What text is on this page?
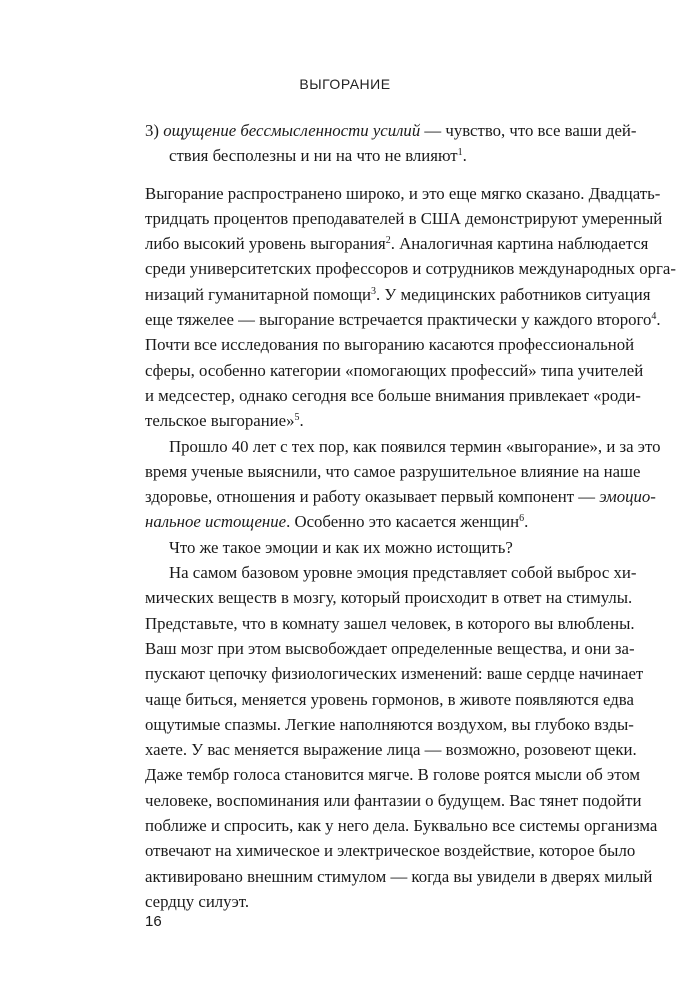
ВЫГОРАНИЕ
3) ощущение бессмысленности усилий — чувство, что все ваши дей-
ствия бесполезны и ни на что не влияют$^1$.
Выгорание распространено широко, и это еще мягко сказано. Двадцать-
тридцать процентов преподавателей в США демонстрируют умеренный
либо высокий уровень выгорания$^2$. Аналогичная картина наблюдается
среди университетских профессоров и сотрудников международных орга-
низаций гуманитарной помощи$^3$. У медицинских работников ситуация
еще тяжелее — выгорание встречается практически у каждого второго$^4$.
Почти все исследования по выгоранию касаются профессиональной
сферы, особенно категории «помогающих профессий» типа учителей
и медсестер, однако сегодня все больше внимания привлекает «роди-
тельское выгорание»$^5$.
Прошло 40 лет с тех пор, как появился термин «выгорание», и за это
время ученые выяснили, что самое разрушительное влияние на наше
здоровье, отношения и работу оказывает первый компонент — эмоцио-
нальное истощение. Особенно это касается женщин$^6$.
Что же такое эмоции и как их можно истощить?
На самом базовом уровне эмоция представляет собой выброс хи-
мических веществ в мозгу, который происходит в ответ на стимулы.
Представьте, что в комнату зашел человек, в которого вы влюблены.
Ваш мозг при этом высвобождает определенные вещества, и они за-
пускают цепочку физиологических изменений: ваше сердце начинает
чаще биться, меняется уровень гормонов, в животе появляются едва
ощутимые спазмы. Легкие наполняются воздухом, вы глубоко взды-
хаете. У вас меняется выражение лица — возможно, розовеют щеки.
Даже тембр голоса становится мягче. В голове роятся мысли об этом
человеке, воспоминания или фантазии о будущем. Вас тянет подойти
поближе и спросить, как у него дела. Буквально все системы организма
отвечают на химическое и электрическое воздействие, которое было
активировано внешним стимулом — когда вы увидели в дверях милый
сердцу силуэт.
16
